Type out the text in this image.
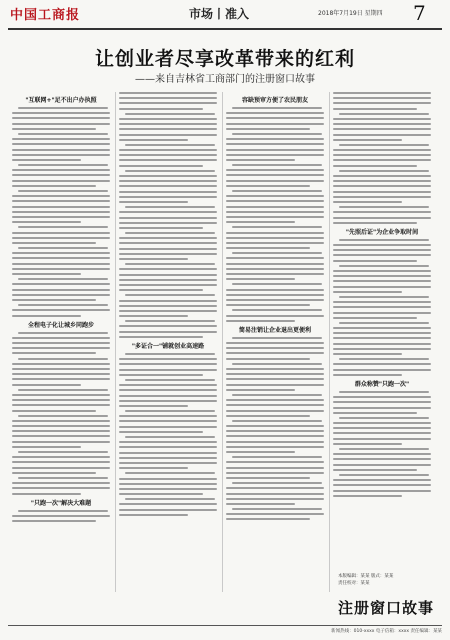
中国工商报	市场丨准入	2018年7月19日 星期四 7
让创业者尽享改革带来的红利
——来自吉林省工商部门的注册窗口故事
"互联网+"足不出户办执照
全程电子化让城乡同跑步
"只跑一次"解决大难题
"多证合一"铺就创业高速路
容缺预审方便了农民朋友
简易注销让企业退出更便利
"先照后证"为企业争取时间
群众称赞"只跑一次"
本版编辑：某某 版式：某某
责任校对：某某
注册窗口故事
新闻热线：010-xxxx 电子信箱：xxxx 责任编辑：某某
